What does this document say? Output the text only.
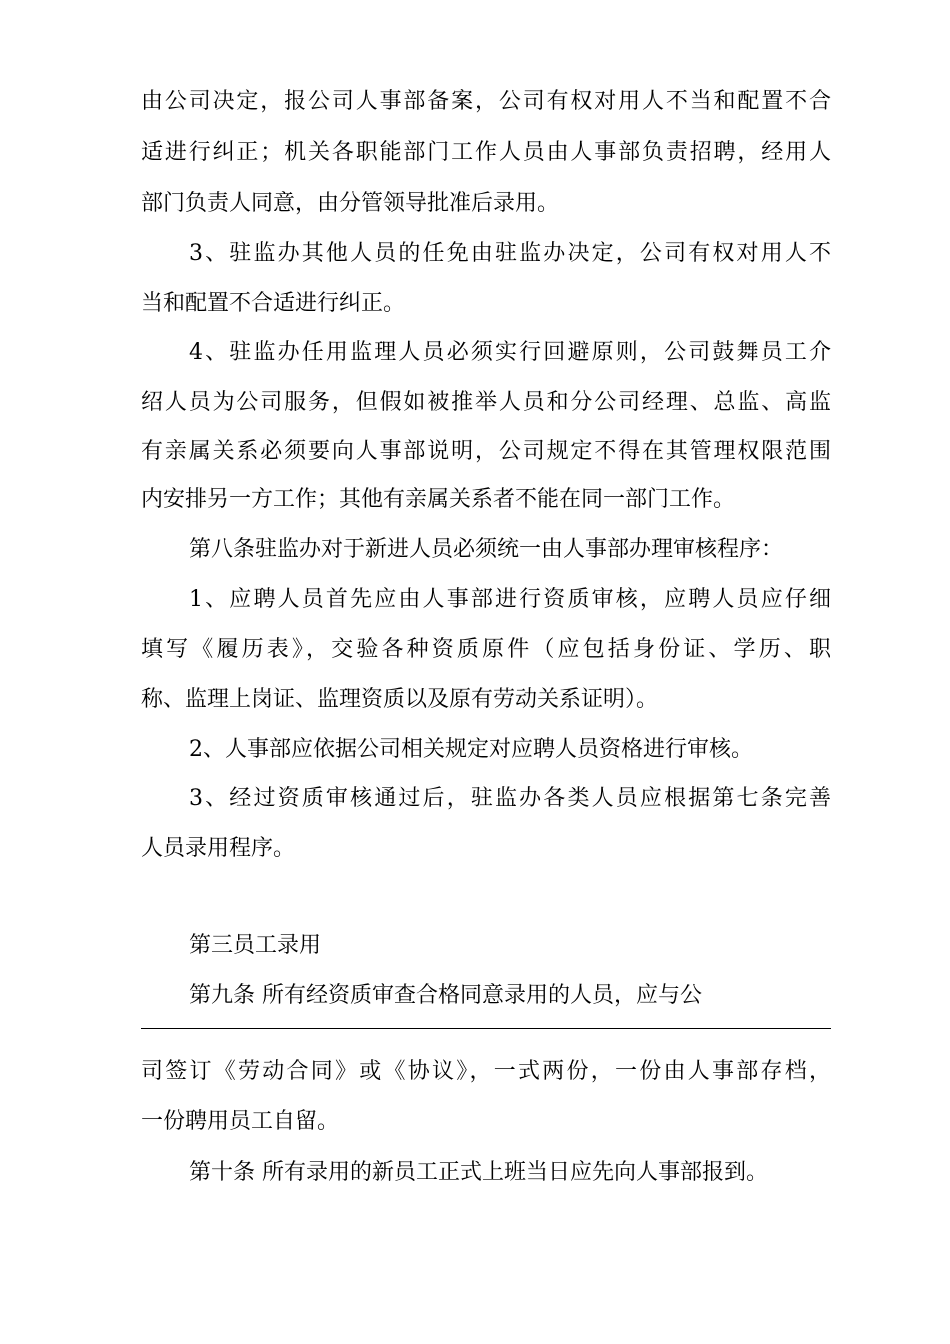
由公司决定，报公司人事部备案，公司有权对用人不当和配置不合
适进行纠正；机关各职能部门工作人员由人事部负责招聘，经用人
部门负责人同意，由分管领导批准后录用。
3、驻监办其他人员的任免由驻监办决定，公司有权对用人不
当和配置不合适进行纠正。
4、驻监办任用监理人员必须实行回避原则，公司鼓舞员工介
绍人员为公司服务，但假如被推举人员和分公司经理、总监、高监
有亲属关系必须要向人事部说明，公司规定不得在其管理权限范围
内安排另一方工作；其他有亲属关系者不能在同一部门工作。
第八条驻监办对于新进人员必须统一由人事部办理审核程序：
1、应聘人员首先应由人事部进行资质审核，应聘人员应仔细
填写《履历表》，交验各种资质原件（应包括身份证、学历、职
称、监理上岗证、监理资质以及原有劳动关系证明）。
2、人事部应依据公司相关规定对应聘人员资格进行审核。
3、经过资质审核通过后，驻监办各类人员应根据第七条完善
人员录用程序。
第三员工录用
第九条 所有经资质审查合格同意录用的人员，应与公
司签订《劳动合同》或《协议》，一式两份，一份由人事部存档，
一份聘用员工自留。
第十条 所有录用的新员工正式上班当日应先向人事部报到。
